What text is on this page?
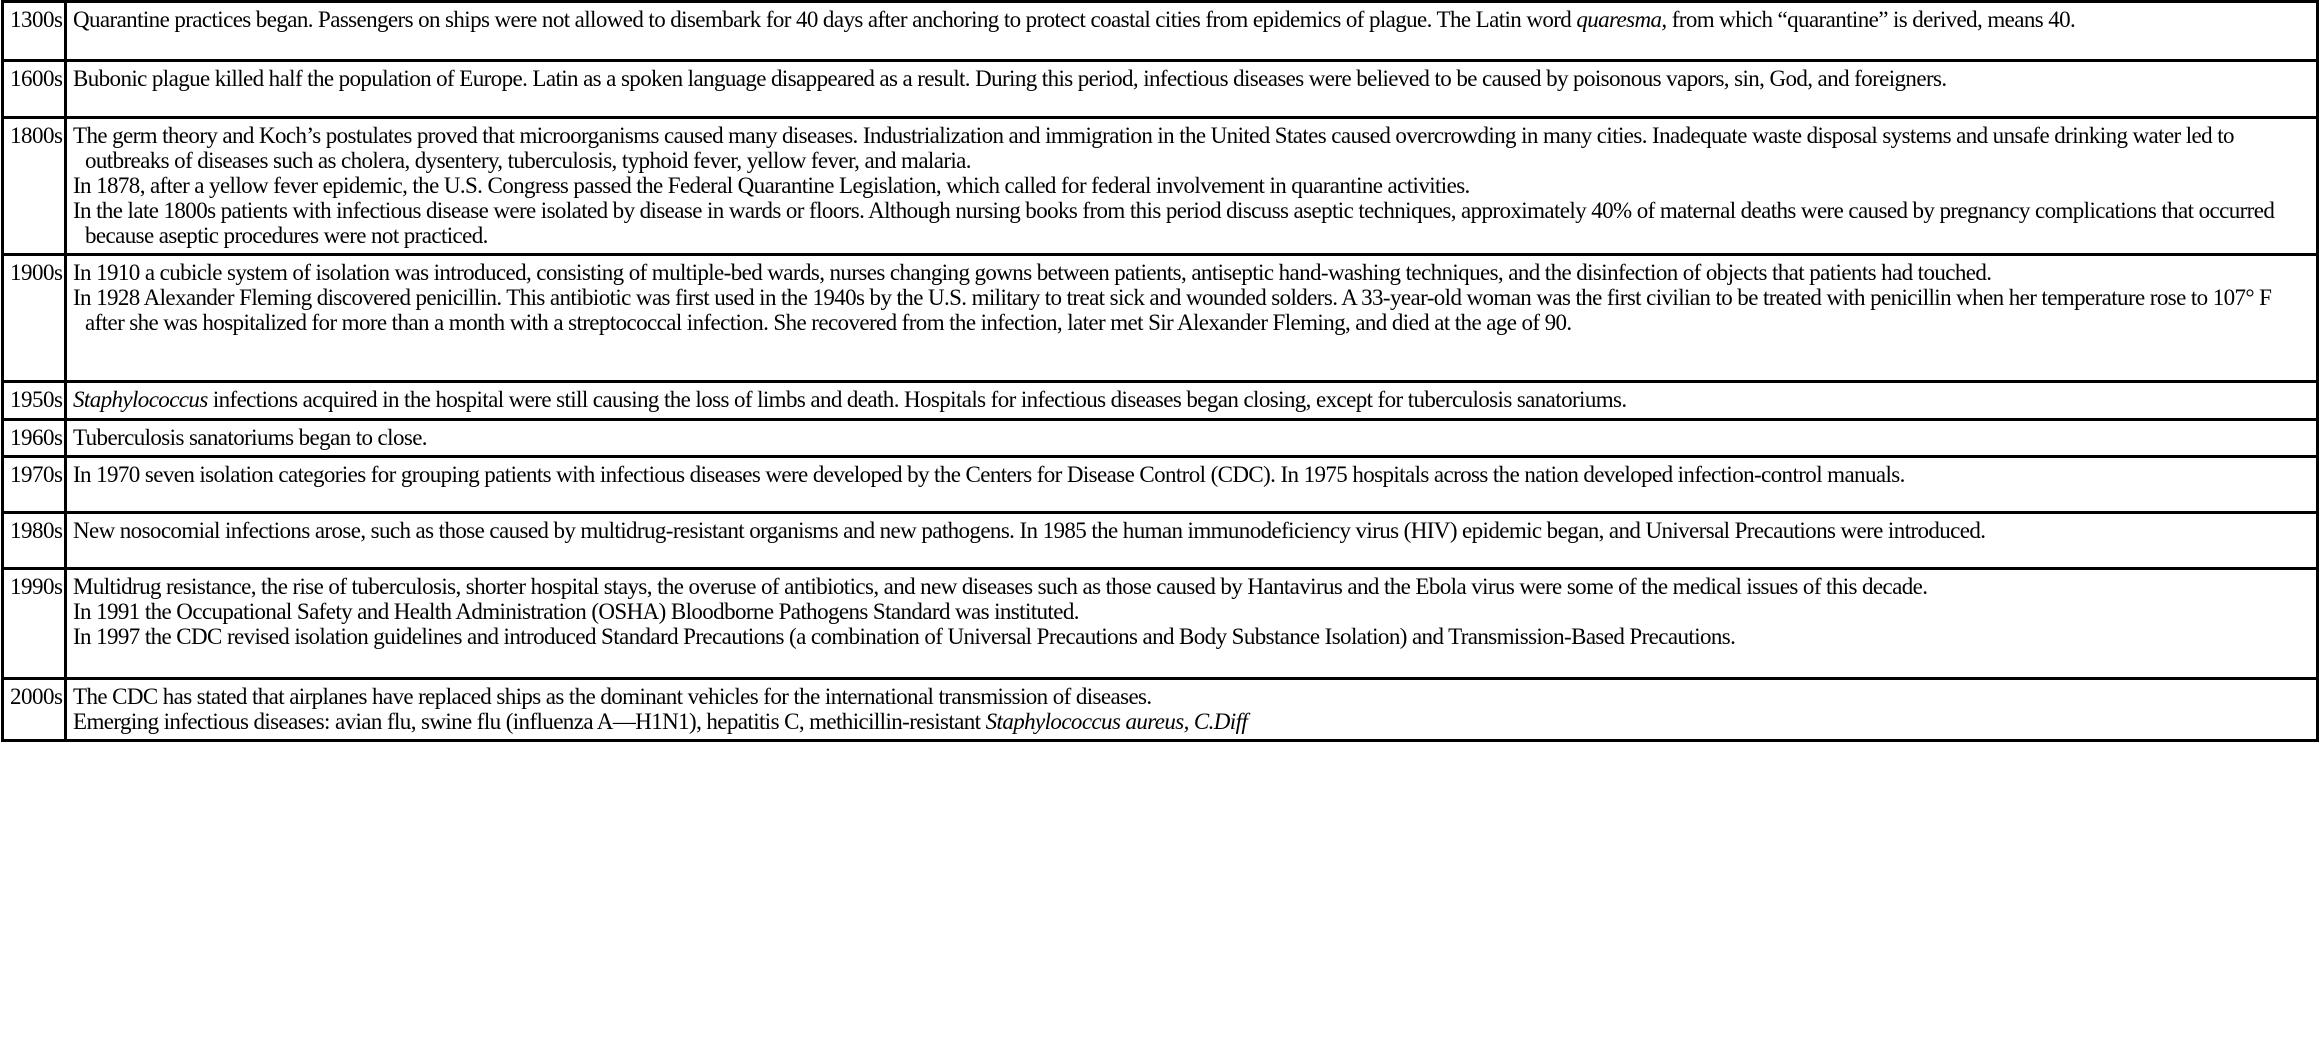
1300s	Quarantine practices began. Passengers on ships were not allowed to disembark for 40 days after anchoring to protect coastal cities from epidemics of plague. The Latin word quaresma, from which “quarantine” is derived, means 40.

1600s	Bubonic plague killed half the population of Europe. Latin as a spoken language disappeared as a result. During this period, infectious diseases were believed to be caused by poisonous vapors, sin, God, and foreigners.

1800s	The germ theory and Koch’s postulates proved that microorganisms caused many diseases. Industrialization and immigration in the United States caused overcrowding in many cities. Inadequate waste disposal systems and unsafe drinking water led to outbreaks of diseases such as cholera, dysentery, tuberculosis, typhoid fever, yellow fever, and malaria.

In 1878, after a yellow fever epidemic, the U.S. Congress passed the Federal Quarantine Legislation, which called for federal involvement in quarantine activities.

In the late 1800s patients with infectious disease were isolated by disease in wards or floors. Although nursing books from this period discuss aseptic techniques, approximately 40% of maternal deaths were caused by pregnancy complications that occurred because aseptic procedures were not practiced.

1900s	In 1910 a cubicle system of isolation was introduced, consisting of multiple-bed wards, nurses changing gowns between patients, antiseptic hand-washing techniques, and the disinfection of objects that patients had touched.

In 1928 Alexander Fleming discovered penicillin. This antibiotic was first used in the 1940s by the U.S. military to treat sick and wounded solders. A 33-year-old woman was the first civilian to be treated with penicillin when her temperature rose to 107° F after she was hospitalized for more than a month with a streptococcal infection. She recovered from the infection, later met Sir Alexander Fleming, and died at the age of 90.

1950s	Staphylococcus infections acquired in the hospital were still causing the loss of limbs and death. Hospitals for infectious diseases began closing, except for tuberculosis sanatoriums.

1960s	Tuberculosis sanatoriums began to close.

1970s	In 1970 seven isolation categories for grouping patients with infectious diseases were developed by the Centers for Disease Control (CDC). In 1975 hospitals across the nation developed infection-control manuals.

1980s	New nosocomial infections arose, such as those caused by multidrug-resistant organisms and new pathogens. In 1985 the human immunodeficiency virus (HIV) epidemic began, and Universal Precautions were introduced.

1990s	Multidrug resistance, the rise of tuberculosis, shorter hospital stays, the overuse of antibiotics, and new diseases such as those caused by Hantavirus and the Ebola virus were some of the medical issues of this decade.

In 1991 the Occupational Safety and Health Administration (OSHA) Bloodborne Pathogens Standard was instituted.

In 1997 the CDC revised isolation guidelines and introduced Standard Precautions (a combination of Universal Precautions and Body Substance Isolation) and Transmission-Based Precautions.

2000s	The CDC has stated that airplanes have replaced ships as the dominant vehicles for the international transmission of diseases.

Emerging infectious diseases: avian flu, swine flu (influenza A—H1N1), hepatitis C, methicillin-resistant Staphylococcus aureus, C.Diff
